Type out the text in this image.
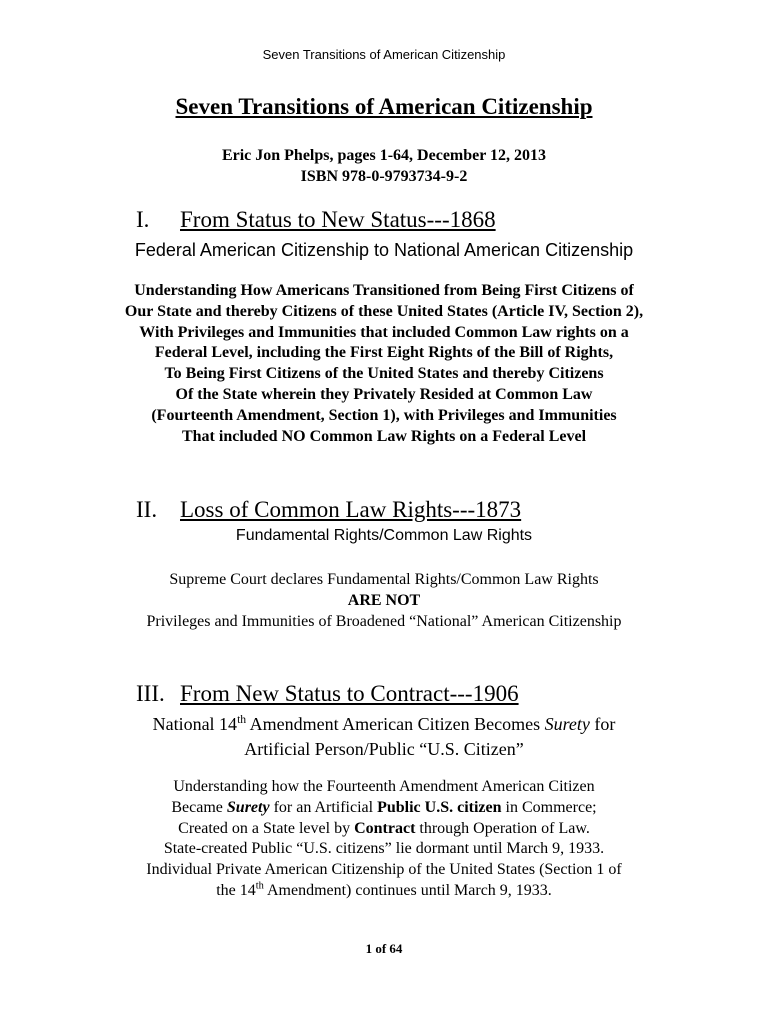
Seven Transitions of American Citizenship
Seven Transitions of American Citizenship
Eric Jon Phelps, pages 1-64, December 12, 2013
ISBN 978-0-9793734-9-2
I. From Status to New Status---1868
Federal American Citizenship to National American Citizenship
Understanding How Americans Transitioned from Being First Citizens of
Our State and thereby Citizens of these United States (Article IV, Section 2),
With Privileges and Immunities that included Common Law rights on a
Federal Level, including the First Eight Rights of the Bill of Rights,
To Being First Citizens of the United States and thereby Citizens
Of the State wherein they Privately Resided at Common Law
(Fourteenth Amendment, Section 1), with Privileges and Immunities
That included NO Common Law Rights on a Federal Level
II. Loss of Common Law Rights---1873
Fundamental Rights/Common Law Rights
Supreme Court declares Fundamental Rights/Common Law Rights
ARE NOT
Privileges and Immunities of Broadened “National” American Citizenship
III. From New Status to Contract---1906
National 14th Amendment American Citizen Becomes Surety for
Artificial Person/Public “U.S. Citizen”
Understanding how the Fourteenth Amendment American Citizen
Became Surety for an Artificial Public U.S. citizen in Commerce;
Created on a State level by Contract through Operation of Law.
State-created Public “U.S. citizens” lie dormant until March 9, 1933.
Individual Private American Citizenship of the United States (Section 1 of
the 14th Amendment) continues until March 9, 1933.
1 of 64
